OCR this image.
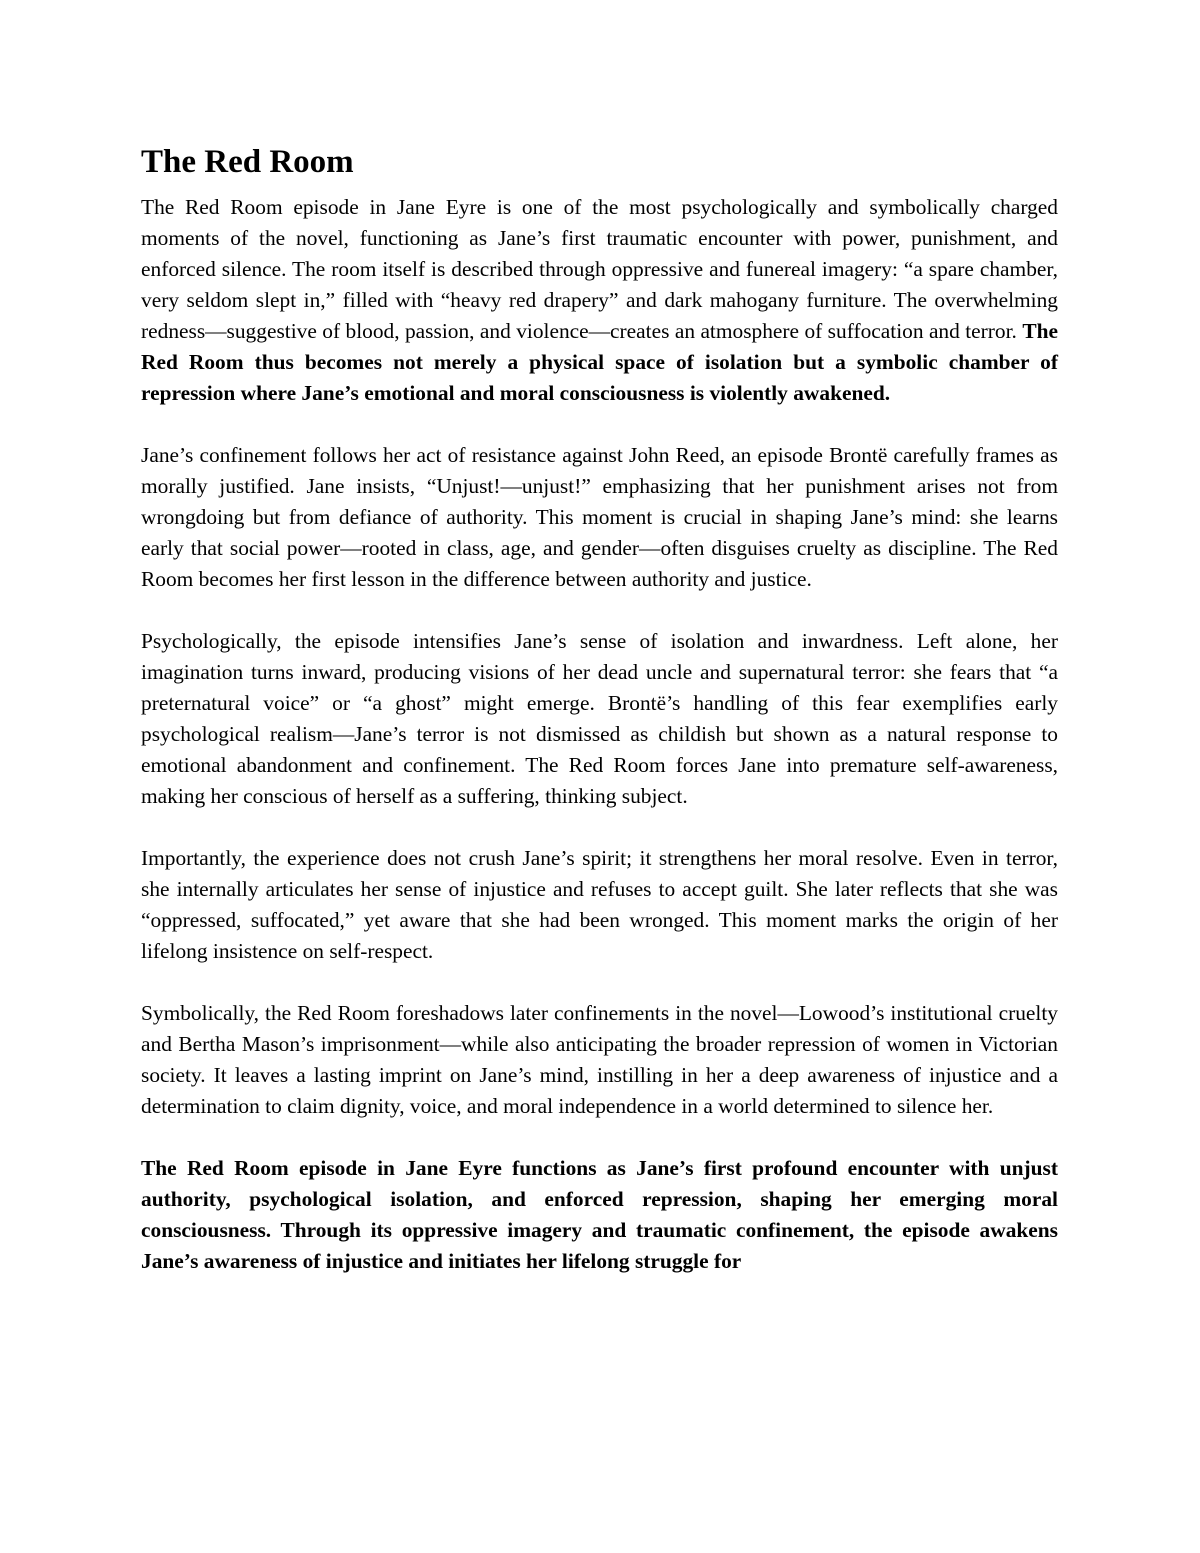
The Red Room

The Red Room episode in Jane Eyre is one of the most psychologically and symbolically charged moments of the novel, functioning as Jane’s first traumatic encounter with power, punishment, and enforced silence. The room itself is described through oppressive and funereal imagery: “a spare chamber, very seldom slept in,” filled with “heavy red drapery” and dark mahogany furniture. The overwhelming redness—suggestive of blood, passion, and violence—creates an atmosphere of suffocation and terror. The Red Room thus becomes not merely a physical space of isolation but a symbolic chamber of repression where Jane’s emotional and moral consciousness is violently awakened.

Jane’s confinement follows her act of resistance against John Reed, an episode Brontë carefully frames as morally justified. Jane insists, “Unjust!—unjust!” emphasizing that her punishment arises not from wrongdoing but from defiance of authority. This moment is crucial in shaping Jane’s mind: she learns early that social power—rooted in class, age, and gender—often disguises cruelty as discipline. The Red Room becomes her first lesson in the difference between authority and justice.

Psychologically, the episode intensifies Jane’s sense of isolation and inwardness. Left alone, her imagination turns inward, producing visions of her dead uncle and supernatural terror: she fears that “a preternatural voice” or “a ghost” might emerge. Brontë’s handling of this fear exemplifies early psychological realism—Jane’s terror is not dismissed as childish but shown as a natural response to emotional abandonment and confinement. The Red Room forces Jane into premature self-awareness, making her conscious of herself as a suffering, thinking subject.

Importantly, the experience does not crush Jane’s spirit; it strengthens her moral resolve. Even in terror, she internally articulates her sense of injustice and refuses to accept guilt. She later reflects that she was “oppressed, suffocated,” yet aware that she had been wronged. This moment marks the origin of her lifelong insistence on self-respect.

Symbolically, the Red Room foreshadows later confinements in the novel—Lowood’s institutional cruelty and Bertha Mason’s imprisonment—while also anticipating the broader repression of women in Victorian society. It leaves a lasting imprint on Jane’s mind, instilling in her a deep awareness of injustice and a determination to claim dignity, voice, and moral independence in a world determined to silence her.

The Red Room episode in Jane Eyre functions as Jane’s first profound encounter with unjust authority, psychological isolation, and enforced repression, shaping her emerging moral consciousness. Through its oppressive imagery and traumatic confinement, the episode awakens Jane’s awareness of injustice and initiates her lifelong struggle for
